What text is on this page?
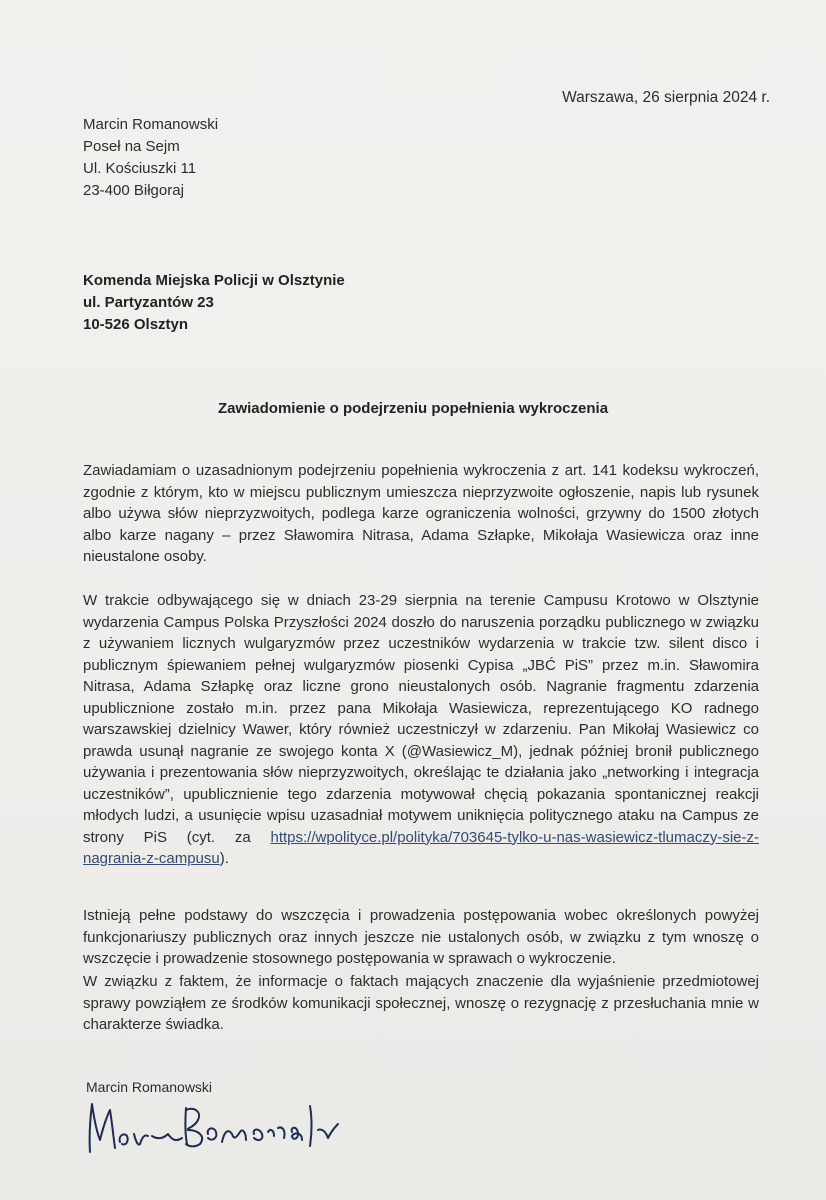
Warszawa, 26 sierpnia 2024 r.
Marcin Romanowski
Poseł na Sejm
Ul. Kościuszki 11
23-400 Biłgoraj
Komenda Miejska Policji w Olsztynie
ul. Partyzantów 23
10-526 Olsztyn
Zawiadomienie o podejrzeniu popełnienia wykroczenia

Zawiadamiam o uzasadnionym podejrzeniu popełnienia wykroczenia z art. 141 kodeksu wykroczeń, zgodnie z którym, kto w miejscu publicznym umieszcza nieprzyzwoite ogłoszenie, napis lub rysunek albo używa słów nieprzyzwoitych, podlega karze ograniczenia wolności, grzywny do 1500 złotych albo karze nagany – przez Sławomira Nitrasa, Adama Szłapke, Mikołaja Wasiewicza oraz inne nieustalone osoby.

W trakcie odbywającego się w dniach 23-29 sierpnia na terenie Campusu Krotowo w Olsztynie wydarzenia Campus Polska Przyszłości 2024 doszło do naruszenia porządku publicznego w związku z używaniem licznych wulgaryzmów przez uczestników wydarzenia w trakcie tzw. silent disco i publicznym śpiewaniem pełnej wulgaryzmów piosenki Cypisa „JBĆ PiS” przez m.in. Sławomira Nitrasa, Adama Szłapkę oraz liczne grono nieustalonych osób. Nagranie fragmentu zdarzenia upublicznione zostało m.in. przez pana Mikołaja Wasiewicza, reprezentującego KO radnego warszawskiej dzielnicy Wawer, który również uczestniczył w zdarzeniu. Pan Mikołaj Wasiewicz co prawda usunął nagranie ze swojego konta X (@Wasiewicz_M), jednak później bronił publicznego używania i prezentowania słów nieprzyzwoitych, określając te działania jako „networking i integracja uczestników”, upublicznienie tego zdarzenia motywował chęcią pokazania spontanicznej reakcji młodych ludzi, a usunięcie wpisu uzasadniał motywem uniknięcia politycznego ataku na Campus ze strony PiS (cyt. za https://wpolityce.pl/polityka/703645-tylko-u-nas-wasiewicz-tlumaczy-sie-z-nagrania-z-campusu).

Istnieją pełne podstawy do wszczęcia i prowadzenia postępowania wobec określonych powyżej funkcjonariuszy publicznych oraz innych jeszcze nie ustalonych osób, w związku z tym wnoszę o wszczęcie i prowadzenie stosownego postępowania w sprawach o wykroczenie.

W związku z faktem, że informacje o faktach mających znaczenie dla wyjaśnienie przedmiotowej sprawy powziąłem ze środków komunikacji społecznej, wnoszę o rezygnację z przesłuchania mnie w charakterze świadka.

Marcin Romanowski
